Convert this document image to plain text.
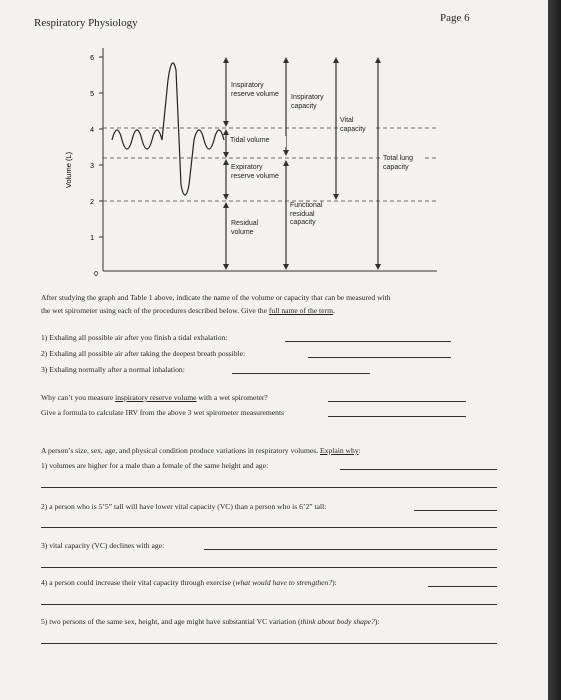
Respiratory Physiology	Page 6
6
5
4
3
2
1
0
Volume (L)
Inspiratory reserve volume
Tidal volume
Expiratory reserve volume
Residual volume
Inspiratory capacity
Functional residual capacity
Vital capacity
Total lung capacity
After studying the graph and Table 1 above, indicate the name of the volume or capacity that can be measured with
the wet spirometer using each of the procedures described below. Give the full name of the term.
1) Exhaling all possible air after you finish a tidal exhalation:
2) Exhaling all possible air after taking the deepest breath possible:
3) Exhaling normally after a normal inhalation:
Why can’t you measure inspiratory reserve volume with a wet spirometer?
Give a formula to calculate IRV from the above 3 wet spirometer measurements
A person’s size, sex, age, and physical condition produce variations in respiratory volumes. Explain why:
1) volumes are higher for a male than a female of the same height and age:
2) a person who is 5’5” tall will have lower vital capacity (VC) than a person who is 6’2” tall:
3) vital capacity (VC) declines with age:
4) a person could increase their vital capacity through exercise (what would have to strengthen?):
5) two persons of the same sex, height, and age might have substantial VC variation (think about body shape?):
